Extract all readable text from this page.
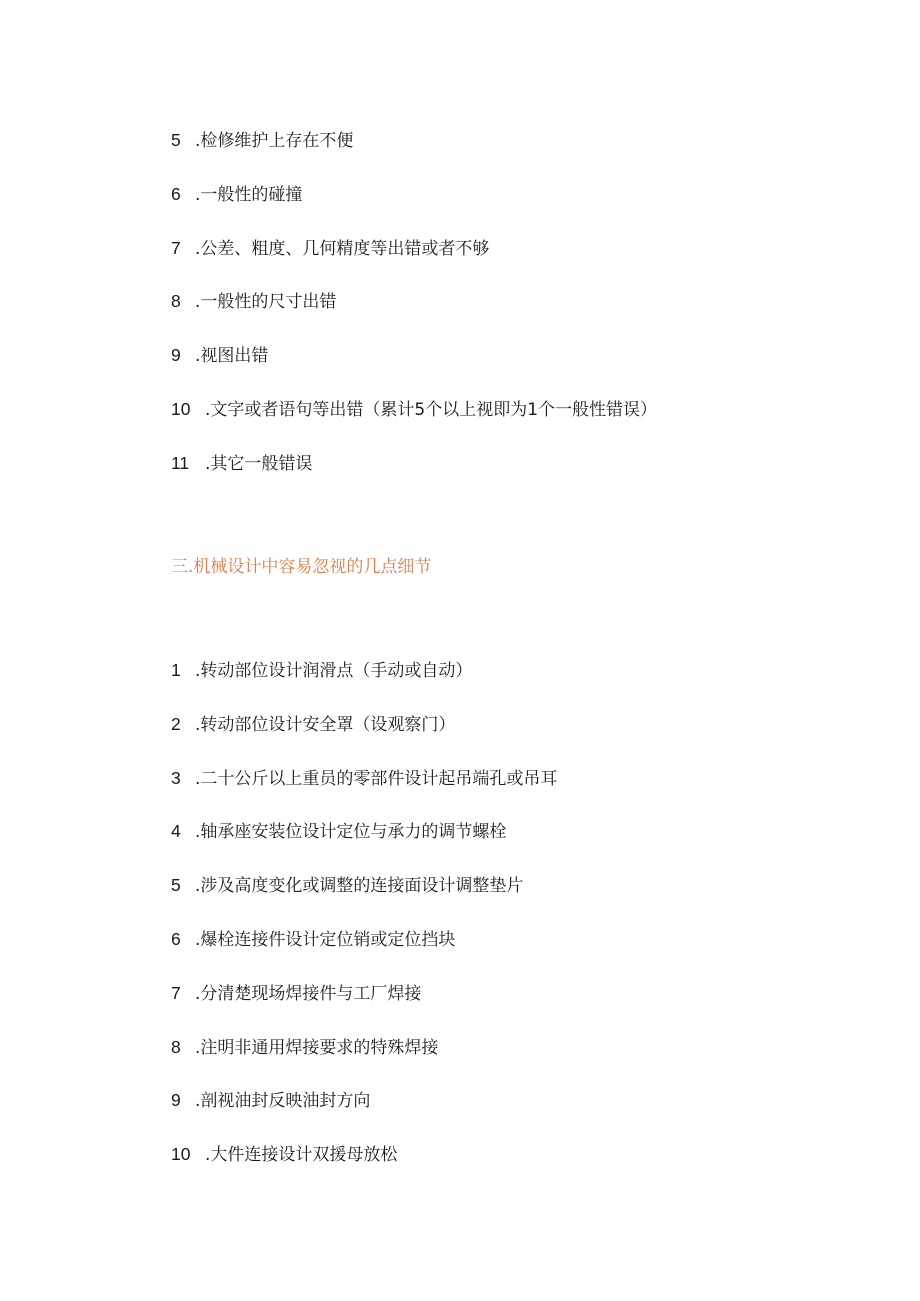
5 .检修维护上存在不便
6 .一般性的碰撞
7 .公差、粗度、几何精度等出错或者不够
8 .一般性的尺寸出错
9 .视图出错
10 .文字或者语句等出错（累计5个以上视即为1个一般性错误）
11 .其它一般错误
三.机械设计中容易忽视的几点细节
1 .转动部位设计润滑点（手动或自动）
2 .转动部位设计安全罩（设观察门）
3 .二十公斤以上重员的零部件设计起吊端孔或吊耳
4 .轴承座安装位设计定位与承力的调节螺栓
5 .涉及高度变化或调整的连接面设计调整垫片
6 .爆栓连接件设计定位销或定位挡块
7 .分清楚现场焊接件与工厂焊接
8 .注明非通用焊接要求的特殊焊接
9 .剖视油封反映油封方向
10 .大件连接设计双援母放松
